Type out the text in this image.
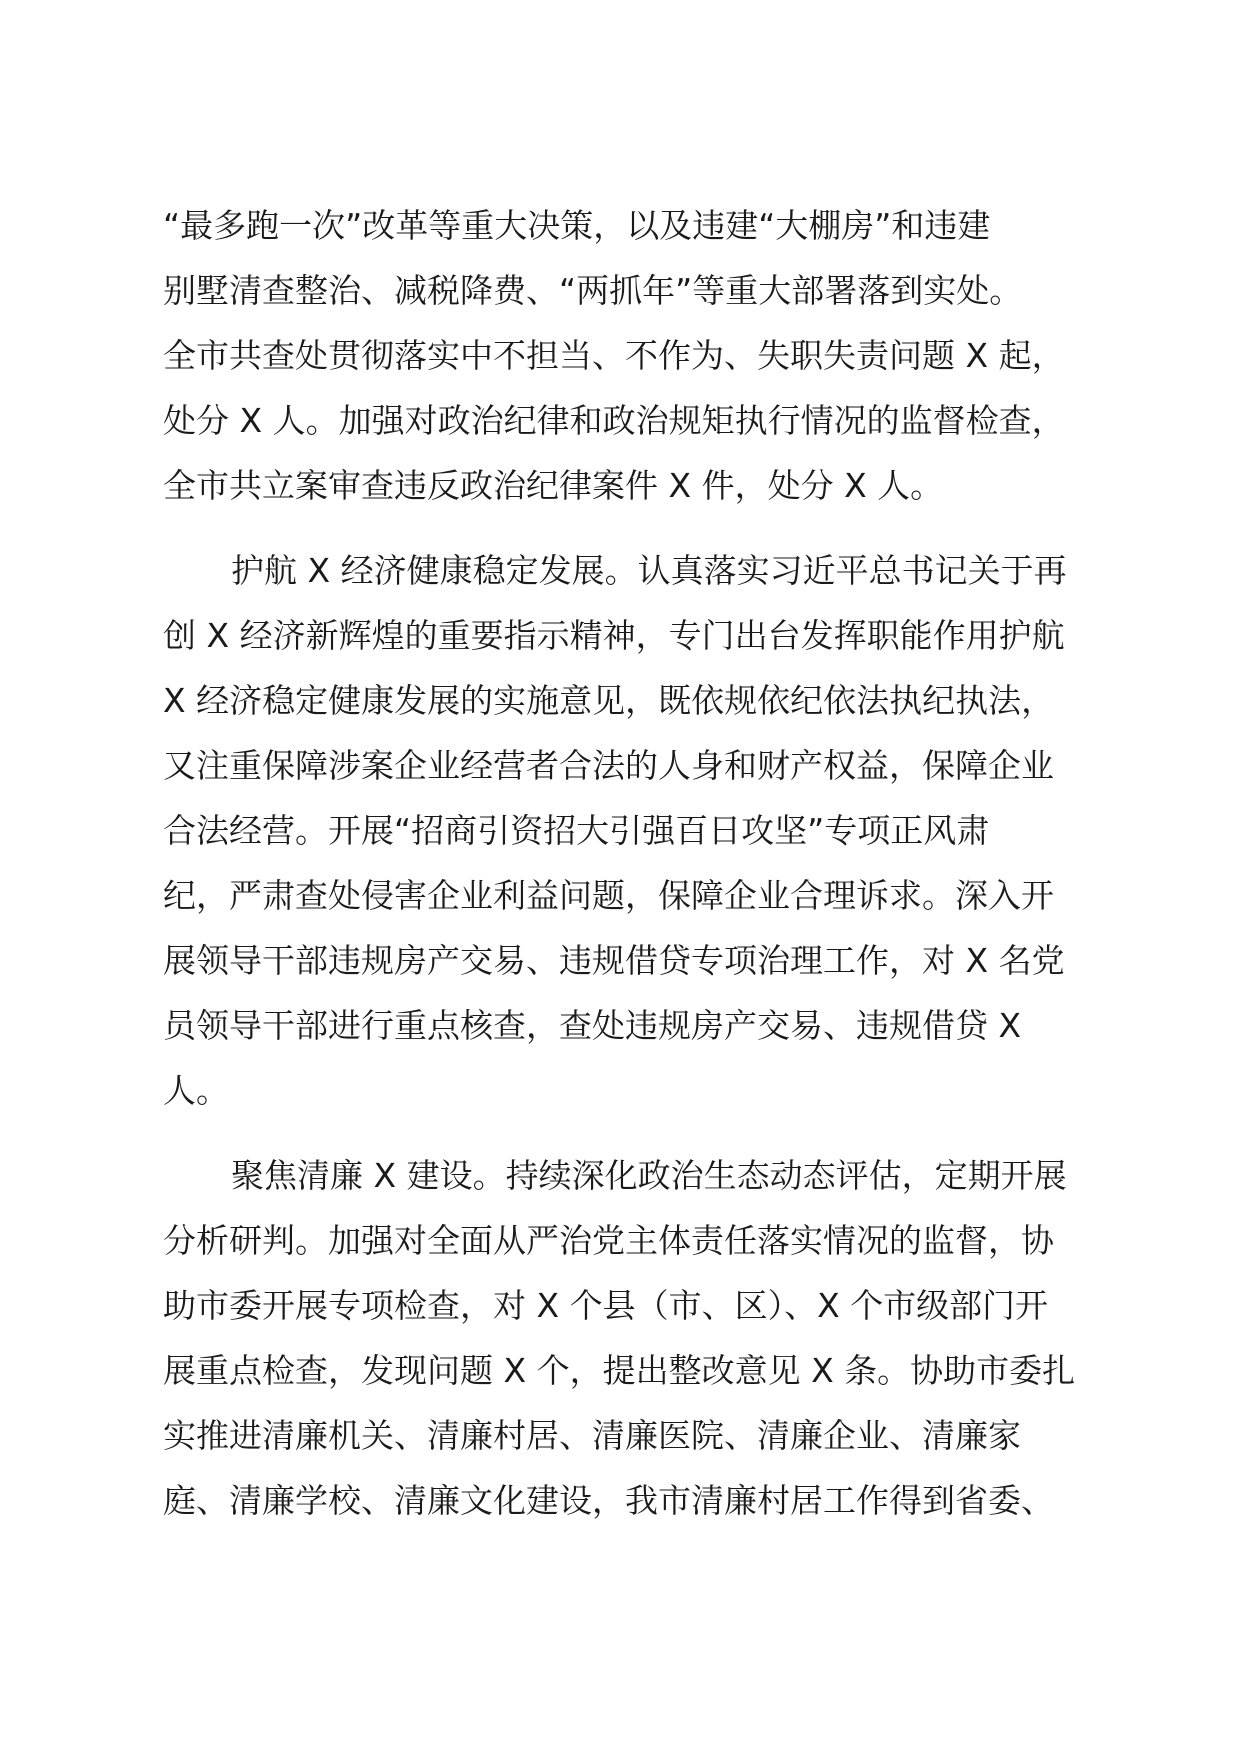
“最多跑一次”改革等重大决策，以及违建“大棚房”和违建
别墅清查整治、减税降费、“两抓年”等重大部署落到实处。
全市共查处贯彻落实中不担当、不作为、失职失责问题 X 起，
处分 X 人。加强对政治纪律和政治规矩执行情况的监督检查，
全市共立案审查违反政治纪律案件 X 件，处分 X 人。
护航 X 经济健康稳定发展。认真落实习近平总书记关于再
创 X 经济新辉煌的重要指示精神，专门出台发挥职能作用护航
X 经济稳定健康发展的实施意见，既依规依纪依法执纪执法，
又注重保障涉案企业经营者合法的人身和财产权益，保障企业
合法经营。开展“招商引资招大引强百日攻坚”专项正风肃
纪，严肃查处侵害企业利益问题，保障企业合理诉求。深入开
展领导干部违规房产交易、违规借贷专项治理工作，对 X 名党
员领导干部进行重点核查，查处违规房产交易、违规借贷 X
人。
聚焦清廉 X 建设。持续深化政治生态动态评估，定期开展
分析研判。加强对全面从严治党主体责任落实情况的监督，协
助市委开展专项检查，对 X 个县（市、区）、X 个市级部门开
展重点检查，发现问题 X 个，提出整改意见 X 条。协助市委扎
实推进清廉机关、清廉村居、清廉医院、清廉企业、清廉家
庭、清廉学校、清廉文化建设，我市清廉村居工作得到省委、
